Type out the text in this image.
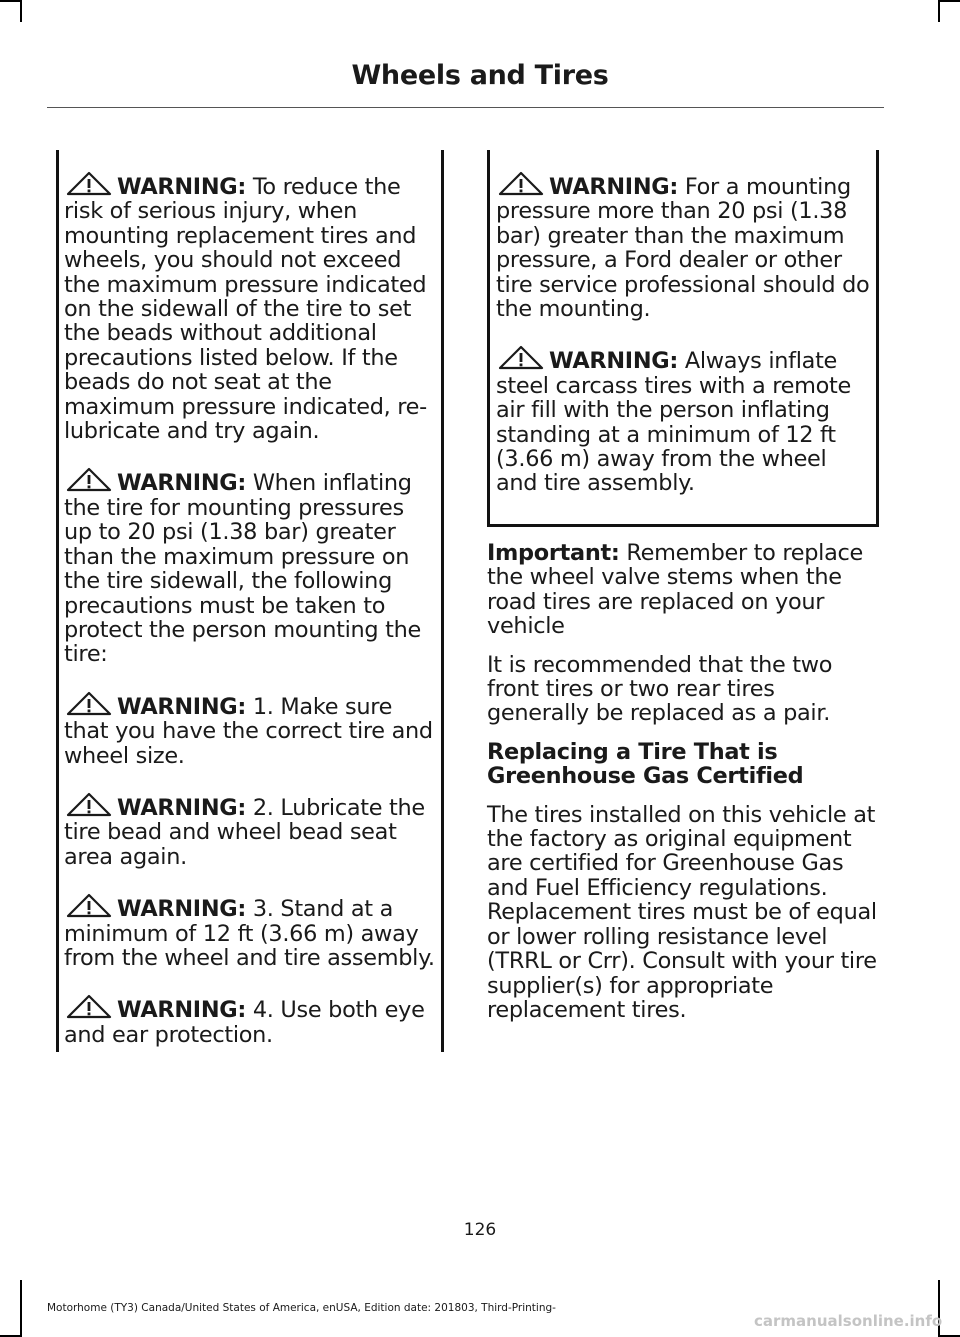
Wheels and Tires

WARNING: To reduce the risk of serious injury, when mounting replacement tires and wheels, you should not exceed the maximum pressure indicated on the sidewall of the tire to set the beads without additional precautions listed below. If the beads do not seat at the maximum pressure indicated, re-lubricate and try again.

WARNING: When inflating the tire for mounting pressures up to 20 psi (1.38 bar) greater than the maximum pressure on the tire sidewall, the following precautions must be taken to protect the person mounting the tire:

WARNING: 1. Make sure that you have the correct tire and wheel size.

WARNING: 2. Lubricate the tire bead and wheel bead seat area again.

WARNING: 3. Stand at a minimum of 12 ft (3.66 m) away from the wheel and tire assembly.

WARNING: 4. Use both eye and ear protection.

WARNING: For a mounting pressure more than 20 psi (1.38 bar) greater than the maximum pressure, a Ford dealer or other tire service professional should do the mounting.

WARNING: Always inflate steel carcass tires with a remote air fill with the person inflating standing at a minimum of 12 ft (3.66 m) away from the wheel and tire assembly.

Important: Remember to replace the wheel valve stems when the road tires are replaced on your vehicle

It is recommended that the two front tires or two rear tires generally be replaced as a pair.

Replacing a Tire That is Greenhouse Gas Certified

The tires installed on this vehicle at the factory as original equipment are certified for Greenhouse Gas and Fuel Efficiency regulations. Replacement tires must be of equal or lower rolling resistance level (TRRL or Crr). Consult with your tire supplier(s) for appropriate replacement tires.

126
Motorhome (TY3) Canada/United States of America, enUSA, Edition date: 201803, Third-Printing-
carmanualsonline.info
